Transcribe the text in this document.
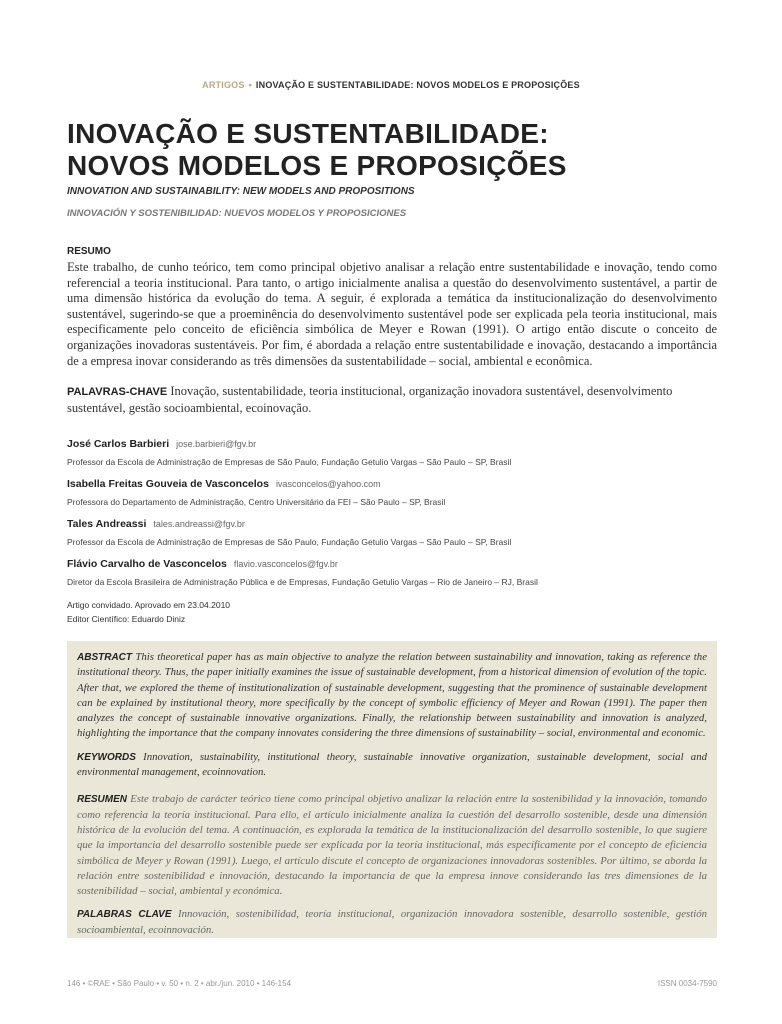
ARTIGOS • INOVAÇÃO E SUSTENTABILIDADE: NOVOS MODELOS E PROPOSIÇÕES
INOVAÇÃO E SUSTENTABILIDADE:
NOVOS MODELOS E PROPOSIÇÕES
INNOVATION AND SUSTAINABILITY: NEW MODELS AND PROPOSITIONS
INNOVACIÓN Y SOSTENIBILIDAD: NUEVOS MODELOS Y PROPOSICIONES
RESUMO
Este trabalho, de cunho teórico, tem como principal objetivo analisar a relação entre sustentabilidade e inovação, tendo como referencial a teoria institucional. Para tanto, o artigo inicialmente analisa a questão do desenvolvimento sustentável, a partir de uma dimensão histórica da evolução do tema. A seguir, é explorada a temática da institucionalização do desenvolvimento sustentável, sugerindo-se que a proeminência do desenvolvimento sustentável pode ser explicada pela teoria institucional, mais especificamente pelo conceito de eficiência simbólica de Meyer e Rowan (1991). O artigo então discute o conceito de organizações inovadoras sustentáveis. Por fim, é abordada a relação entre sustentabilidade e inovação, destacando a importância de a empresa inovar considerando as três dimensões da sustentabilidade – social, ambiental e econômica.
PALAVRAS-CHAVE Inovação, sustentabilidade, teoria institucional, organização inovadora sustentável, desenvolvimento sustentável, gestão socioambiental, ecoinovação.
José Carlos Barbieri jose.barbieri@fgv.br
Professor da Escola de Administração de Empresas de São Paulo, Fundação Getulio Vargas – São Paulo – SP, Brasil
Isabella Freitas Gouveia de Vasconcelos ivasconcelos@yahoo.com
Professora do Departamento de Administração, Centro Universitário da FEI – São Paulo – SP, Brasil
Tales Andreassi tales.andreassi@fgv.br
Professor da Escola de Administração de Empresas de São Paulo, Fundação Getulio Vargas – São Paulo – SP, Brasil
Flávio Carvalho de Vasconcelos flavio.vasconcelos@fgv.br
Diretor da Escola Brasileira de Administração Pública e de Empresas, Fundação Getulio Vargas – Rio de Janeiro – RJ, Brasil
Artigo convidado. Aprovado em 23.04.2010
Editor Científico: Eduardo Diniz

ABSTRACT This theoretical paper has as main objective to analyze the relation between sustainability and innovation, taking as reference the institutional theory. Thus, the paper initially examines the issue of sustainable development, from a historical dimension of evolution of the topic. After that, we explored the theme of institutionalization of sustainable development, suggesting that the prominence of sustainable development can be explained by institutional theory, more specifically by the concept of symbolic efficiency of Meyer and Rowan (1991). The paper then analyzes the concept of sustainable innovative organizations. Finally, the relationship between sustainability and innovation is analyzed, highlighting the importance that the company innovates considering the three dimensions of sustainability – social, environmental and economic.

KEYWORDS Innovation, sustainability, institutional theory, sustainable innovative organization, sustainable development, social and environmental management, ecoinnovation.

RESUMEN Este trabajo de carácter teórico tiene como principal objetivo analizar la relación entre la sostenibilidad y la innovación, tomando como referencia la teoría institucional. Para ello, el artículo inicialmente analiza la cuestión del desarrollo sostenible, desde una dimensión histórica de la evolución del tema. A continuación, es explorada la temática de la institucionalización del desarrollo sostenible, lo que sugiere que la importancia del desarrollo sostenible puede ser explicada por la teoría institucional, más específicamente por el concepto de eficiencia simbólica de Meyer y Rowan (1991). Luego, el artículo discute el concepto de organizaciones innovadoras sostenibles. Por último, se aborda la relación entre sostenibilidad e innovación, destacando la importancia de que la empresa innove considerando las tres dimensiones de la sostenibilidad – social, ambiental y económica.

PALABRAS CLAVE Innovación, sostenibilidad, teoría institucional, organización innovadora sostenible, desarrollo sostenible, gestión socioambiental, ecoinnovación.

146 • ©RAE • São Paulo • v. 50 • n. 2 • abr./jun. 2010 • 146-154	ISSN 0034-7590
